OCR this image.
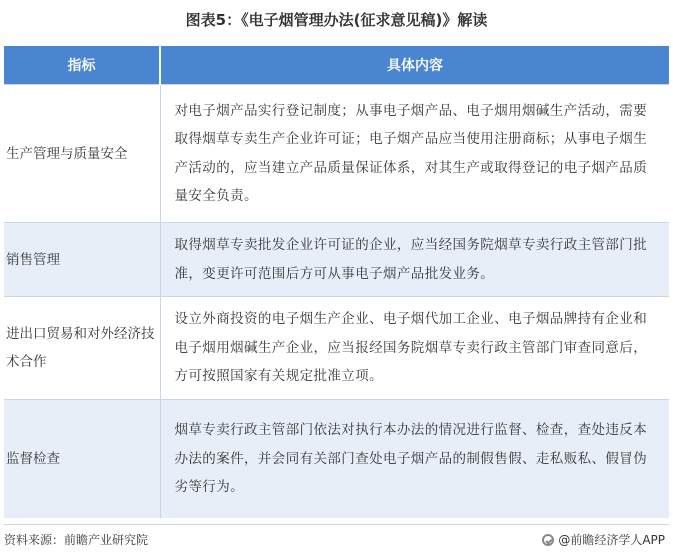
图表5：《电子烟管理办法(征求意见稿)》解读
指标	具体内容
生产管理与质量安全	对电子烟产品实行登记制度；从事电子烟产品、电子烟用烟碱生产活动，需要取得烟草专卖生产企业许可证；电子烟产品应当使用注册商标；从事电子烟生产活动的，应当建立产品质量保证体系，对其生产或取得登记的电子烟产品质量安全负责。
销售管理	取得烟草专卖批发企业许可证的企业，应当经国务院烟草专卖行政主管部门批准，变更许可范围后方可从事电子烟产品批发业务。
进出口贸易和对外经济技术合作	设立外商投资的电子烟生产企业、电子烟代加工企业、电子烟品牌持有企业和电子烟用烟碱生产企业，应当报经国务院烟草专卖行政主管部门审查同意后，方可按照国家有关规定批准立项。
监督检查	烟草专卖行政主管部门依法对执行本办法的情况进行监督、检查，查处违反本办法的案件，并会同有关部门查处电子烟产品的制假售假、走私贩私、假冒伪劣等行为。
资料来源：前瞻产业研究院	@前瞻经济学人APP
